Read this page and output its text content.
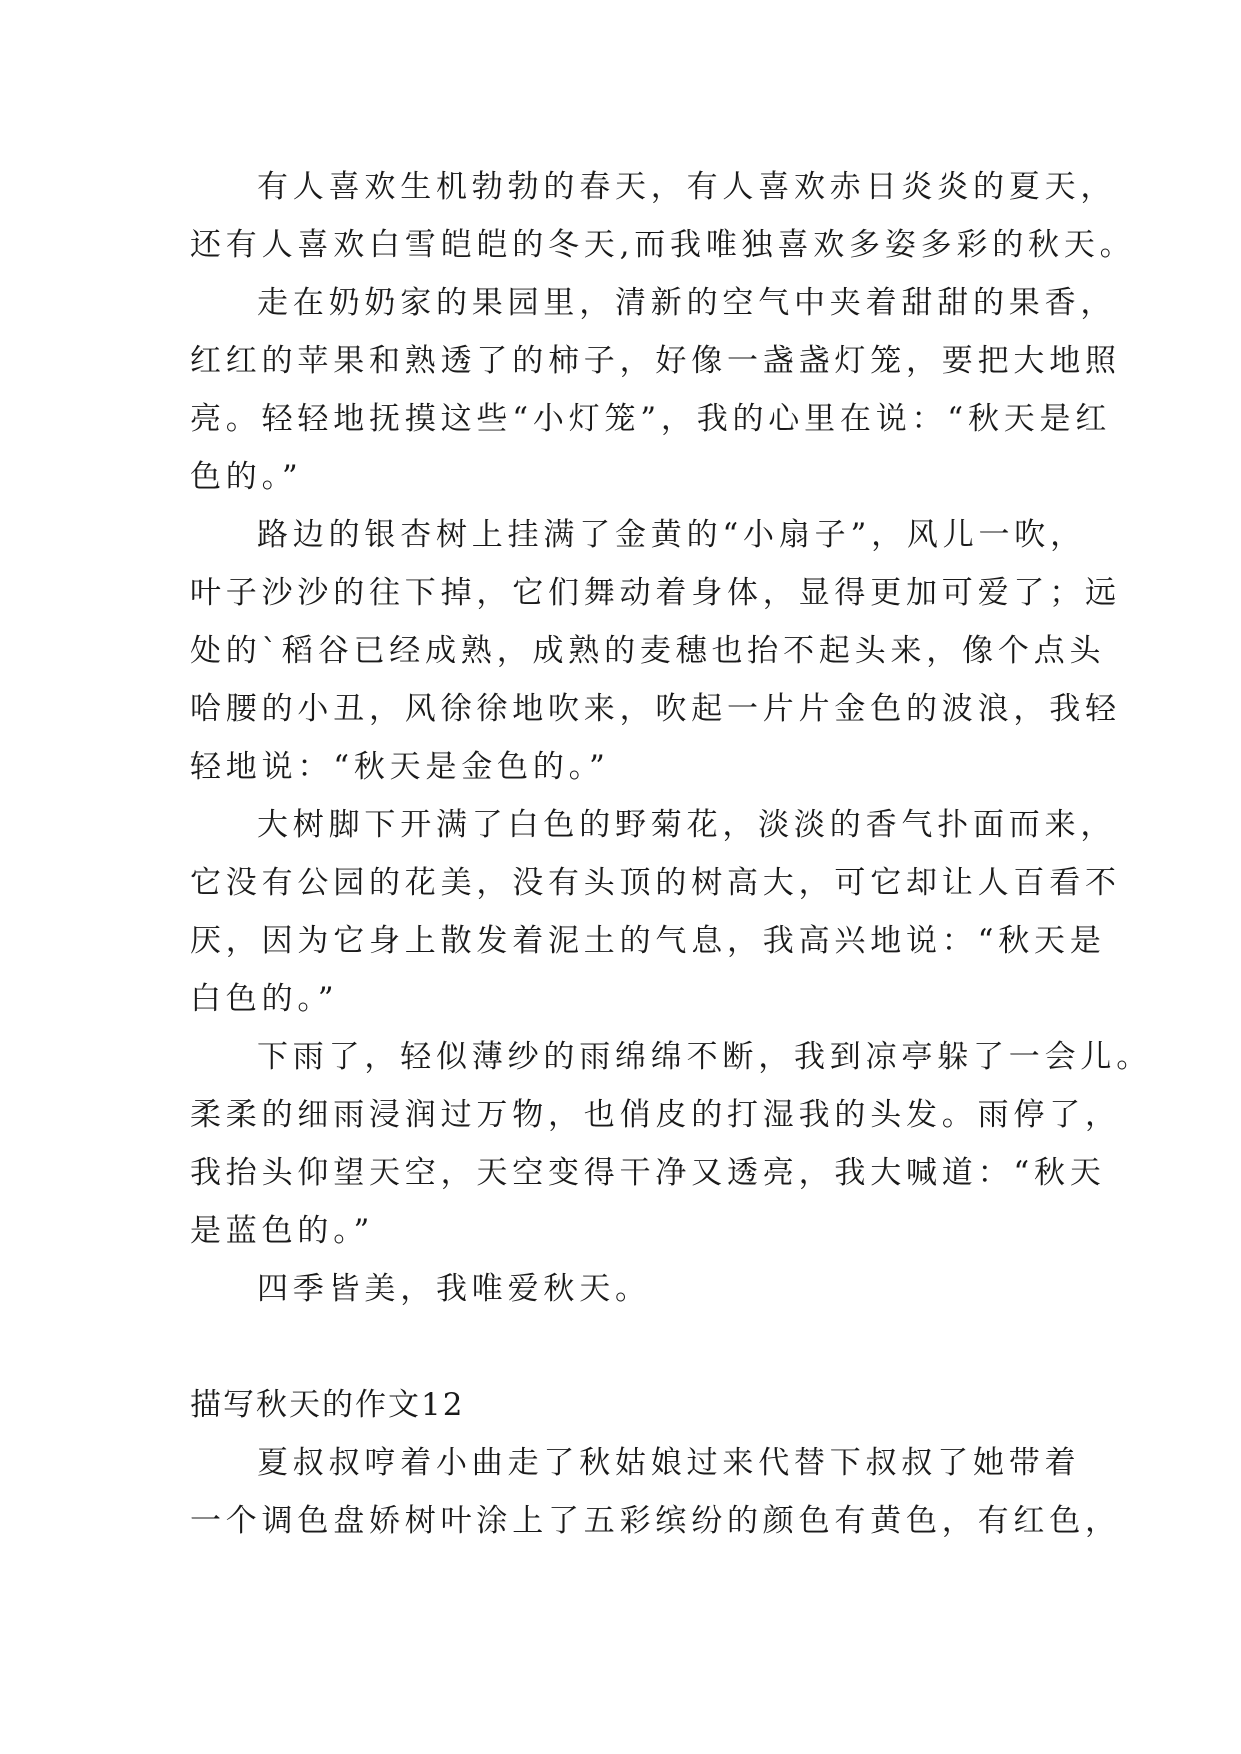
有人喜欢生机勃勃的春天，有人喜欢赤日炎炎的夏天，
还有人喜欢白雪皑皑的冬天,而我唯独喜欢多姿多彩的秋天。
走在奶奶家的果园里，清新的空气中夹着甜甜的果香，
红红的苹果和熟透了的柿子，好像一盏盏灯笼，要把大地照
亮。轻轻地抚摸这些“小灯笼”，我的心里在说：“秋天是红
色的。”
路边的银杏树上挂满了金黄的“小扇子”，风儿一吹，
叶子沙沙的往下掉，它们舞动着身体，显得更加可爱了；远
处的`稻谷已经成熟，成熟的麦穗也抬不起头来，像个点头
哈腰的小丑，风徐徐地吹来，吹起一片片金色的波浪，我轻
轻地说：“秋天是金色的。”
大树脚下开满了白色的野菊花，淡淡的香气扑面而来，
它没有公园的花美，没有头顶的树高大，可它却让人百看不
厌，因为它身上散发着泥土的气息，我高兴地说：“秋天是
白色的。”
下雨了，轻似薄纱的雨绵绵不断，我到凉亭躲了一会儿。
柔柔的细雨浸润过万物，也俏皮的打湿我的头发。雨停了，
我抬头仰望天空，天空变得干净又透亮，我大喊道：“秋天
是蓝色的。”
四季皆美，我唯爱秋天。
描写秋天的作文12
夏叔叔哼着小曲走了秋姑娘过来代替下叔叔了她带着
一个调色盘娇树叶涂上了五彩缤纷的颜色有黄色，有红色，
